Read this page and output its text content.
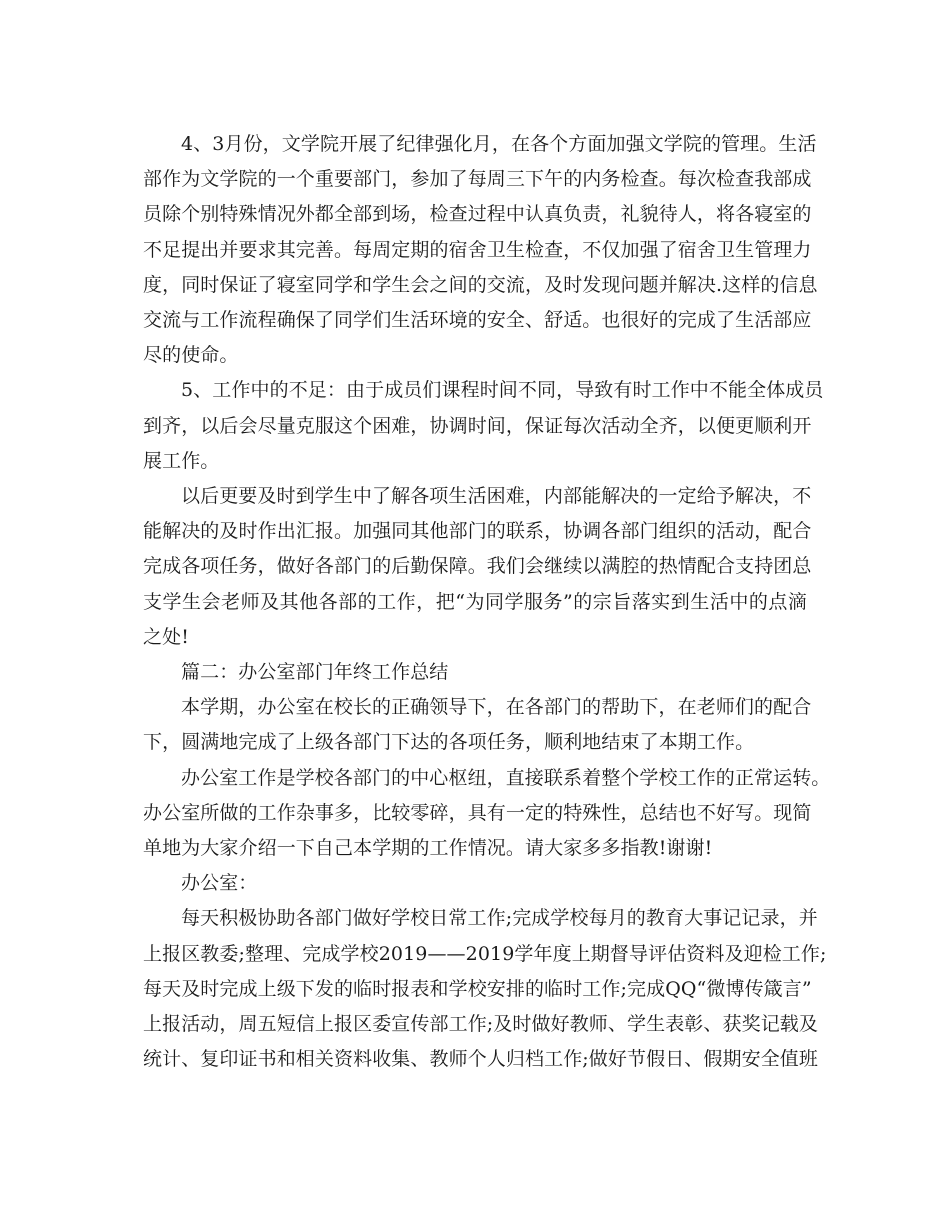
4、3月份，文学院开展了纪律强化月，在各个方面加强文学院的管理。生活
部作为文学院的一个重要部门，参加了每周三下午的内务检查。每次检查我部成
员除个别特殊情况外都全部到场，检查过程中认真负责，礼貌待人，将各寝室的
不足提出并要求其完善。每周定期的宿舍卫生检查，不仅加强了宿舍卫生管理力
度，同时保证了寝室同学和学生会之间的交流，及时发现问题并解决.这样的信息
交流与工作流程确保了同学们生活环境的安全、舒适。也很好的完成了生活部应
尽的使命。

5、工作中的不足：由于成员们课程时间不同，导致有时工作中不能全体成员
到齐，以后会尽量克服这个困难，协调时间，保证每次活动全齐，以便更顺利开
展工作。

以后更要及时到学生中了解各项生活困难，内部能解决的一定给予解决，不
能解决的及时作出汇报。加强同其他部门的联系，协调各部门组织的活动，配合
完成各项任务，做好各部门的后勤保障。我们会继续以满腔的热情配合支持团总
支学生会老师及其他各部的工作，把“为同学服务”的宗旨落实到生活中的点滴
之处!

篇二：办公室部门年终工作总结

本学期，办公室在校长的正确领导下，在各部门的帮助下，在老师们的配合
下，圆满地完成了上级各部门下达的各项任务，顺利地结束了本期工作。

办公室工作是学校各部门的中心枢纽，直接联系着整个学校工作的正常运转。
办公室所做的工作杂事多，比较零碎，具有一定的特殊性，总结也不好写。现简
单地为大家介绍一下自己本学期的工作情况。请大家多多指教!谢谢!

办公室：

每天积极协助各部门做好学校日常工作;完成学校每月的教育大事记记录，并
上报区教委;整理、完成学校2019——2019学年度上期督导评估资料及迎检工作;
每天及时完成上级下发的临时报表和学校安排的临时工作;完成QQ“微博传箴言”
上报活动，周五短信上报区委宣传部工作;及时做好教师、学生表彰、获奖记载及
统计、复印证书和相关资料收集、教师个人归档工作;做好节假日、假期安全值班
